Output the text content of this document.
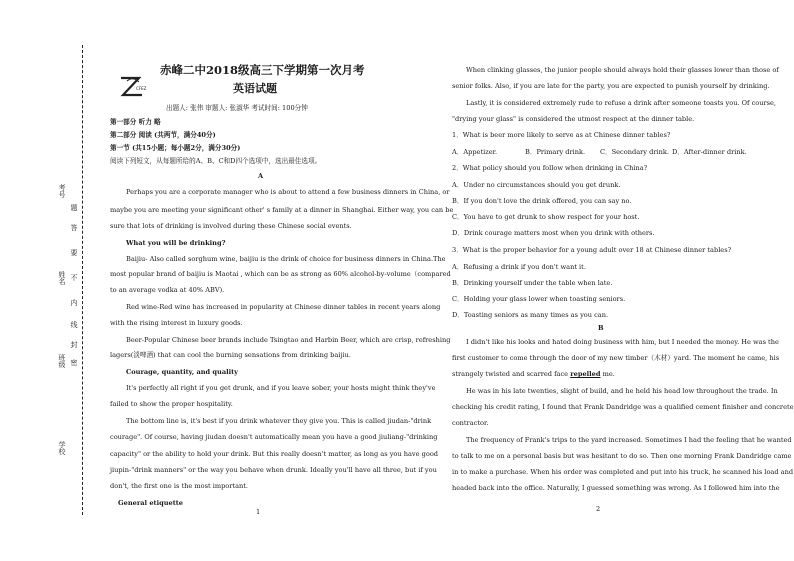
考号
姓名
班级
学校
题
答
要
不
内
线
封
密
CFEZ
赤峰二中2018级高三下学期第一次月考
英语试题
出题人: 张伟 审题人: 张淑华 考试时间: 100分钟
第一部分 听力 略
第二部分 阅读 (共两节，满分40分)
第一节 (共15小题；每小题2分，满分30分)
阅读下列短文，从每题所给的A、B、C和D四个选项中，选出最佳选项。
A
Perhaps you are a corporate manager who is about to attend a few business dinners in China, or
maybe you are meeting your significant other' s family at a dinner in Shanghai. Either way, you can be
sure that lots of drinking is involved during these Chinese social events.
What you will be drinking?
Baijiu- Also called sorghum wine, baijiu is the drink of choice for business dinners in China.The
most popular brand of baijiu is Maotai , which can be as strong as 60% alcohol-by-volume（compared
to an average vodka at 40% ABV).
Red wine-Red wine has increased in popularity at Chinese dinner tables in recent years along
with the rising interest in luxury goods.
Beer-Popular Chinese beer brands include Tsingtao and Harbin Beer, which are crisp, refreshing
lagers(淡啤酒) that can cool the burning sensations from drinking baijiu.
Courage, quantity, and quality
It's perfectly all right if you get drunk, and if you leave sober, your hosts might think they've
failed to show the proper hospitality.
The bottom line is, it's best if you drink whatever they give you. This is called jiudan-"drink
courage". Of course, having jiudan doesn't automatically mean you have a good jiuliang-"drinking
capacity" or the ability to hold your drink. But this really doesn't matter, as long as you have good
jiupin-"drink manners" or the way you behave when drunk. Ideally you'll have all three, but if you
don't, the first one is the most important.
General etiquette
1
When clinking glasses, the junior people should always hold their glasses lower than those of
senior folks. Also, if you are late for the party, you are expected to punish yourself by drinking.
Lastly, it is considered extremely rude to refuse a drink after someone toasts you. Of course,
"drying your glass" is considered the utmost respect at the dinner table.
1．What is beer more likely to serve as at Chinese dinner tables?
A．Appetizer.	B．Primary drink. C．Secondary drink. D．After-dinner drink.
2．What policy should you follow when drinking in China?
A．Under no circumstances should you get drunk.
B．If you don't love the drink offered, you can say no.
C．You have to get drunk to show respect for your host.
D．Drink courage matters most when you drink with others.
3．What is the proper behavior for a young adult over 18 at Chinese dinner tables?
A．Refusing a drink if you don't want it.
B．Drinking yourself under the table when late.
C．Holding your glass lower when toasting seniors.
D．Toasting seniors as many times as you can.
B
I didn't like his looks and hated doing business with him, but I needed the money. He was the
first customer to come through the door of my new timber（木材）yard. The moment he came, his
strangely twisted and scarred face repelled me.
He was in his late twenties, slight of build, and he held his head low throughout the trade. In
checking his credit rating, I found that Frank Dandridge was a qualified cement finisher and concrete
contractor.
The frequency of Frank's trips to the yard increased. Sometimes I had the feeling that he wanted
to talk to me on a personal basis but was hesitant to do so. Then one morning Frank Dandridge came
in to make a purchase. When his order was completed and put into his truck, he scanned his load and
headed back into the office. Naturally, I guessed something was wrong. As I followed him into the
2
